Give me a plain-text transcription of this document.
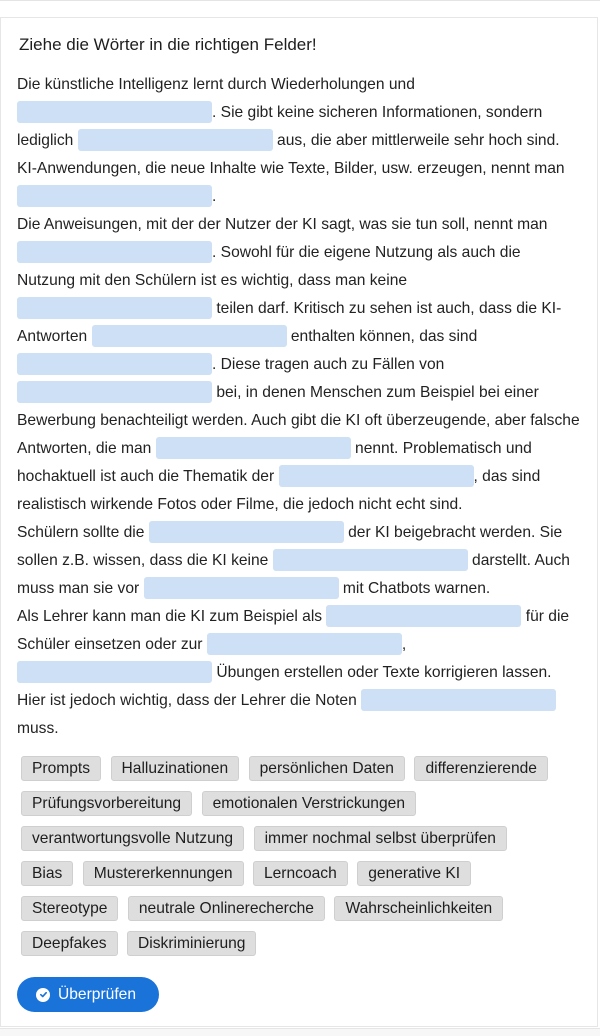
Ziehe die Wörter in die richtigen Felder!
Die künstliche Intelligenz lernt durch Wiederholungen und . Sie gibt keine sicheren Informationen, sondern lediglich	aus, die aber mittlerweile sehr hoch sind. KI-Anwendungen, die neue Inhalte wie Texte, Bilder, usw. erzeugen, nennt man .
Die Anweisungen, mit der der Nutzer der KI sagt, was sie tun soll, nennt man . Sowohl für die eigene Nutzung als auch die Nutzung mit den Schülern ist es wichtig, dass man keine  teilen darf. Kritisch zu sehen ist auch, dass die KI-Antworten	enthalten können, das sind . Diese tragen auch zu Fällen von  bei, in denen Menschen zum Beispiel bei einer Bewerbung benachteiligt werden. Auch gibt die KI oft überzeugende, aber falsche Antworten, die man	nennt. Problematisch und hochaktuell ist auch die Thematik der	, das sind realistisch wirkende Fotos oder Filme, die jedoch nicht echt sind.
Schülern sollte die	der KI beigebracht werden. Sie sollen z.B. wissen, dass die KI keine	darstellt. Auch muss man sie vor	mit Chatbots warnen.
Als Lehrer kann man die KI zum Beispiel als	für die Schüler einsetzen oder zur	,  Übungen erstellen oder Texte korrigieren lassen.
Hier ist jedoch wichtig, dass der Lehrer die Noten  muss.
Prompts Halluzinationen persönlichen Daten differenzierende
Prüfungsvorbereitung emotionalen Verstrickungen
verantwortungsvolle Nutzung immer nochmal selbst überprüfen
Bias Mustererkennungen Lerncoach generative KI
Stereotype neutrale Onlinerecherche Wahrscheinlichkeiten
Deepfakes Diskriminierung
Überprüfen
